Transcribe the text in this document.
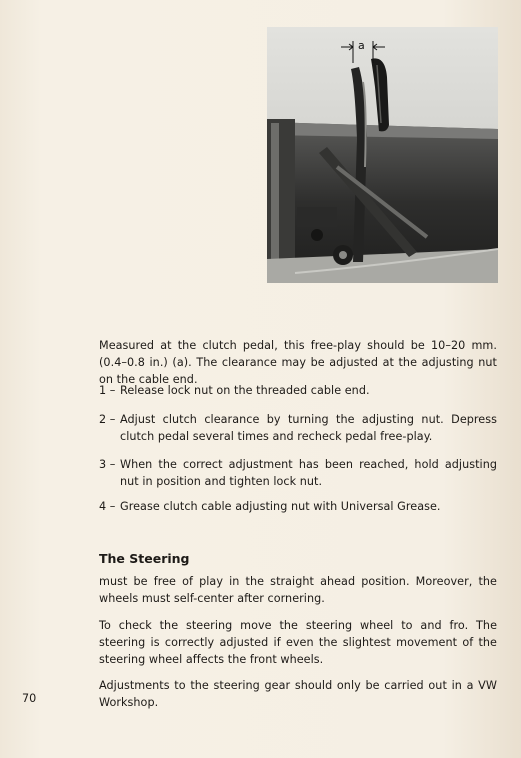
a
Measured at the clutch pedal, this free-play should be 10–20 mm. (0.4–0.8 in.) (a). The clearance may be adjusted at the adjusting nut on the cable end.
1 – Release lock nut on the threaded cable end.
2 – Adjust clutch clearance by turning the adjusting nut. Depress clutch pedal several times and recheck pedal free-play.
3 – When the correct adjustment has been reached, hold adjusting nut in position and tighten lock nut.
4 – Grease clutch cable adjusting nut with Universal Grease.
The Steering
must be free of play in the straight ahead position. Moreover, the wheels must self-center after cornering.
To check the steering move the steering wheel to and fro. The steering is correctly adjusted if even the slightest movement of the steering wheel affects the front wheels.
Adjustments to the steering gear should only be carried out in a VW Workshop.
70
